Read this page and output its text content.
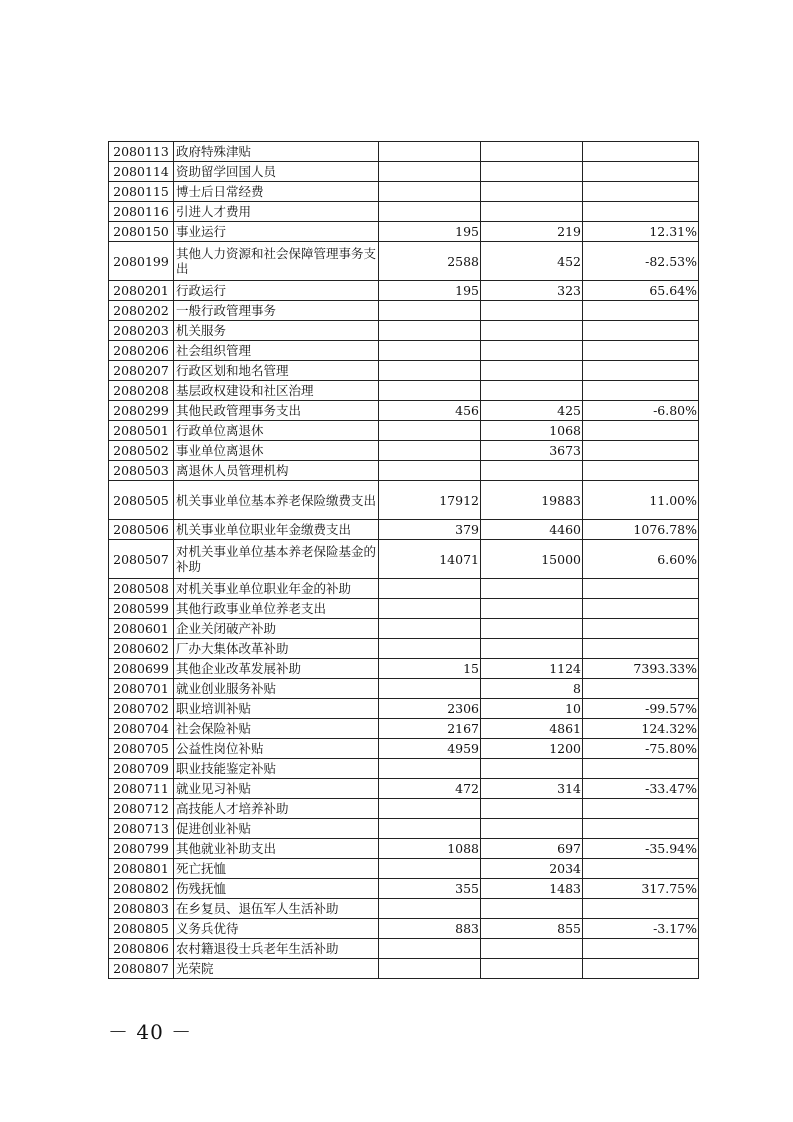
2080113	政府特殊津贴			
2080114	资助留学回国人员			
2080115	博士后日常经费			
2080116	引进人才费用			
2080150	事业运行	195	219	12.31%
2080199	其他人力资源和社会保障管理事务支出	2588	452	-82.53%
2080201	行政运行	195	323	65.64%
2080202	一般行政管理事务			
2080203	机关服务			
2080206	社会组织管理			
2080207	行政区划和地名管理			
2080208	基层政权建设和社区治理			
2080299	其他民政管理事务支出	456	425	-6.80%
2080501	行政单位离退休		1068	
2080502	事业单位离退休		3673	
2080503	离退休人员管理机构			
2080505	机关事业单位基本养老保险缴费支出	17912	19883	11.00%
2080506	机关事业单位职业年金缴费支出	379	4460	1076.78%
2080507	对机关事业单位基本养老保险基金的补助	14071	15000	6.60%
2080508	对机关事业单位职业年金的补助			
2080599	其他行政事业单位养老支出			
2080601	企业关闭破产补助			
2080602	厂办大集体改革补助			
2080699	其他企业改革发展补助	15	1124	7393.33%
2080701	就业创业服务补贴		8	
2080702	职业培训补贴	2306	10	-99.57%
2080704	社会保险补贴	2167	4861	124.32%
2080705	公益性岗位补贴	4959	1200	-75.80%
2080709	职业技能鉴定补贴			
2080711	就业见习补贴	472	314	-33.47%
2080712	高技能人才培养补助			
2080713	促进创业补贴			
2080799	其他就业补助支出	1088	697	-35.94%
2080801	死亡抚恤		2034	
2080802	伤残抚恤	355	1483	317.75%
2080803	在乡复员、退伍军人生活补助			
2080805	义务兵优待	883	855	-3.17%
2080806	农村籍退役士兵老年生活补助			
2080807	光荣院			
－ 40 －
